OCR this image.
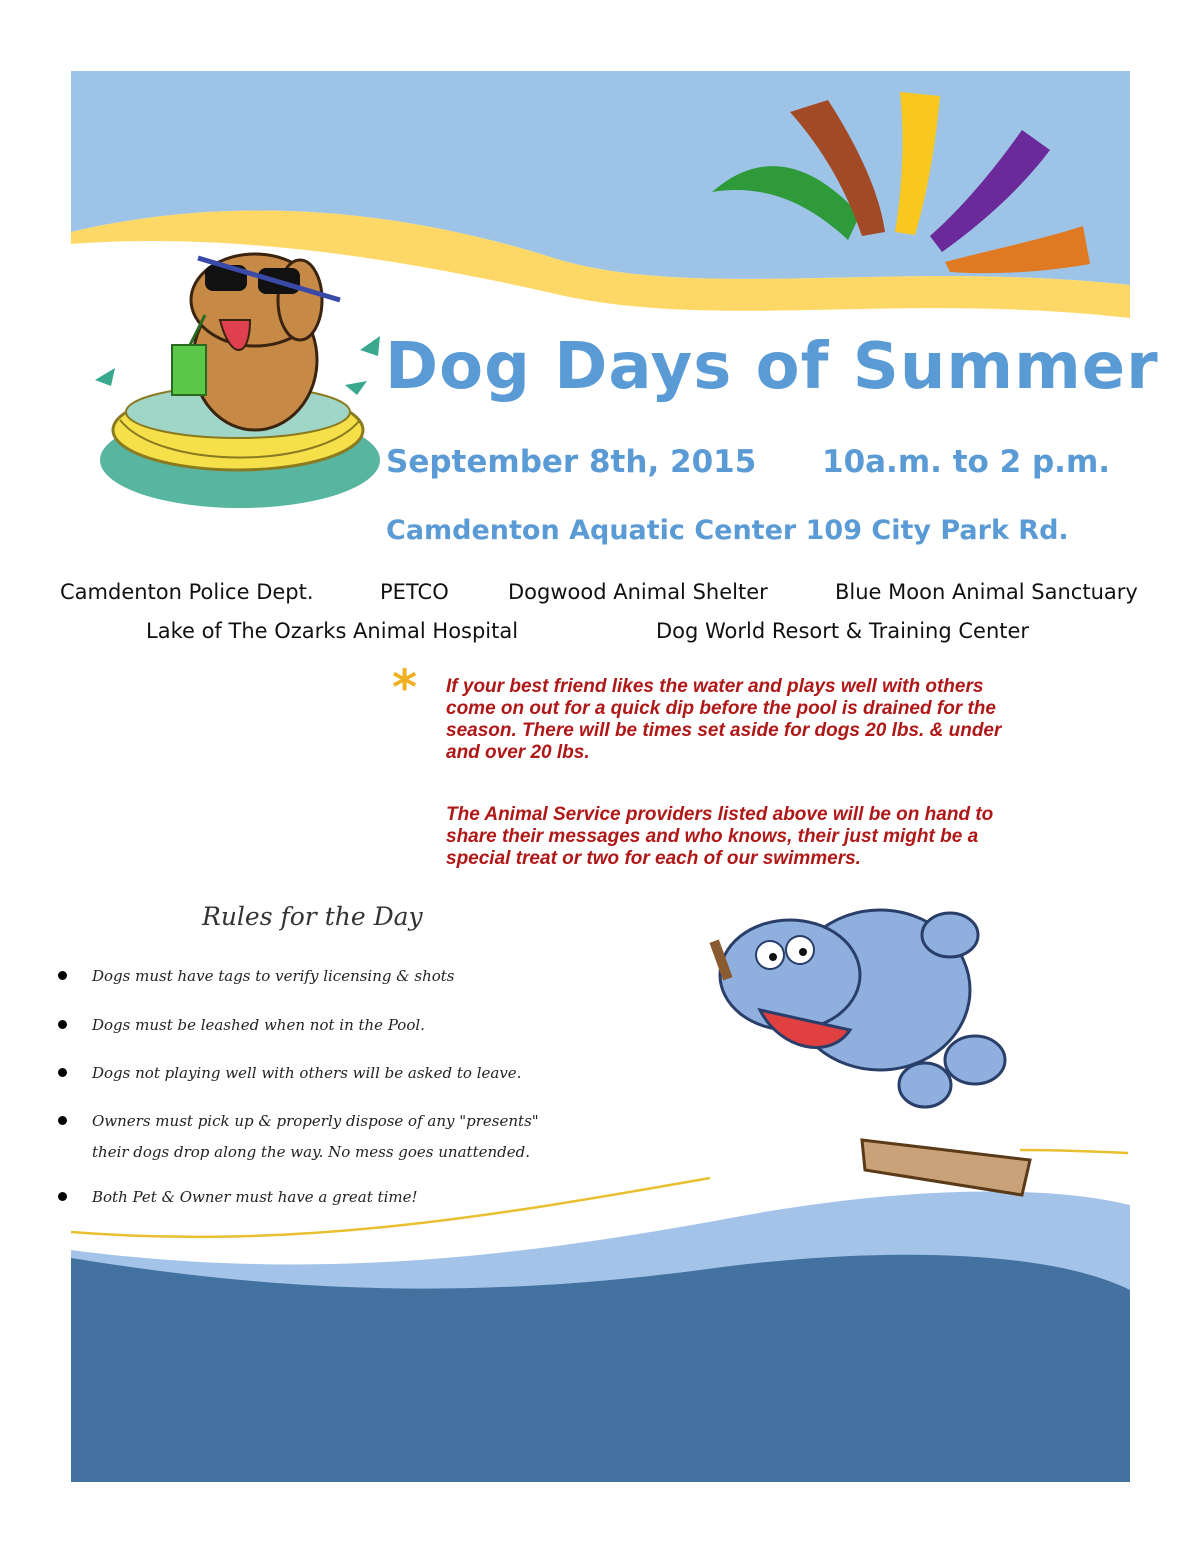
Dog Days of Summer
September 8th, 2015 10a.m. to 2 p.m.
Camdenton Aquatic Center 109 City Park Rd.
Camdenton Police Dept.	PETCO	Dogwood Animal Shelter	Blue Moon Animal Sanctuary
Lake of The Ozarks Animal Hospital	Dog World Resort & Training Center
* If your best friend likes the water and plays well with others
come on out for a quick dip before the pool is drained for the
season. There will be times set aside for dogs 20 lbs. & under
and over 20 lbs.
The Animal Service providers listed above will be on hand to
share their messages and who knows, their just might be a
special treat or two for each of our swimmers.
Rules for the Day
Dogs must have tags to verify licensing & shots
Dogs must be leashed when not in the Pool.
Dogs not playing well with others will be asked to leave.
Owners must pick up & properly dispose of any "presents"
their dogs drop along the way. No mess goes unattended.
Both Pet & Owner must have a great time!
